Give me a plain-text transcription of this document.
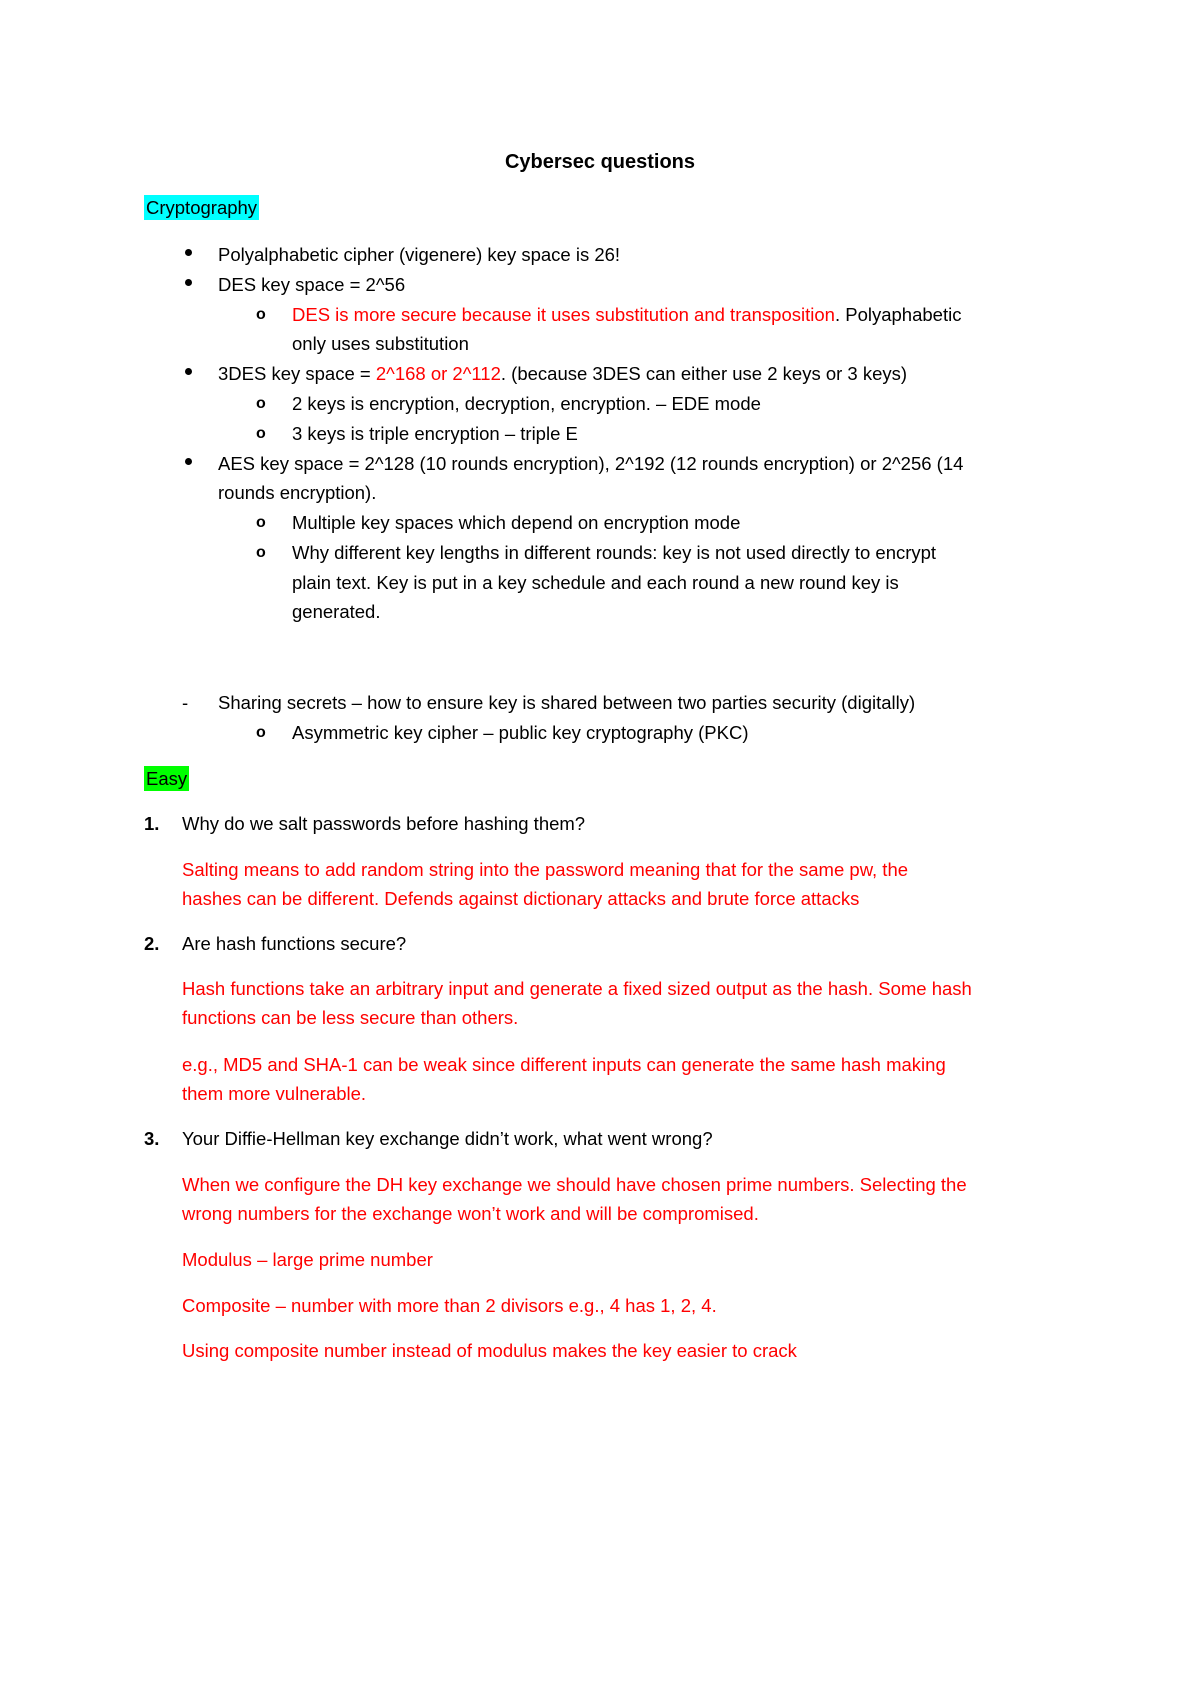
Cybersec questions
Cryptography
Polyalphabetic cipher (vigenere) key space is 26!
DES key space = 2^56
o DES is more secure because it uses substitution and transposition. Polyaphabetic
only uses substitution
3DES key space = 2^168 or 2^112. (because 3DES can either use 2 keys or 3 keys)
o 2 keys is encryption, decryption, encryption. – EDE mode
o 3 keys is triple encryption – triple E
AES key space = 2^128 (10 rounds encryption), 2^192 (12 rounds encryption) or 2^256 (14
rounds encryption).
o Multiple key spaces which depend on encryption mode
o Why different key lengths in different rounds: key is not used directly to encrypt
plain text. Key is put in a key schedule and each round a new round key is
generated.
- Sharing secrets – how to ensure key is shared between two parties security (digitally)
o Asymmetric key cipher – public key cryptography (PKC)
Easy
1. Why do we salt passwords before hashing them?
Salting means to add random string into the password meaning that for the same pw, the
hashes can be different. Defends against dictionary attacks and brute force attacks
2. Are hash functions secure?
Hash functions take an arbitrary input and generate a fixed sized output as the hash. Some hash
functions can be less secure than others.
e.g., MD5 and SHA-1 can be weak since different inputs can generate the same hash making
them more vulnerable.
3. Your Diffie-Hellman key exchange didn’t work, what went wrong?
When we configure the DH key exchange we should have chosen prime numbers. Selecting the
wrong numbers for the exchange won’t work and will be compromised.
Modulus – large prime number
Composite – number with more than 2 divisors e.g., 4 has 1, 2, 4.
Using composite number instead of modulus makes the key easier to crack
